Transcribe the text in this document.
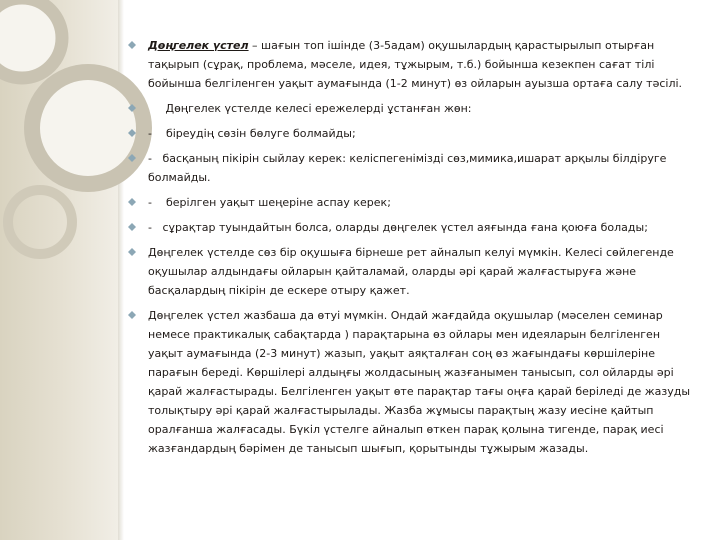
Дөңгелек үстел – шағын топ ішінде (3-5адам) оқушылардың қарастырылып отырған тақырып (сұрақ, проблема, мәселе, идея, тұжырым, т.б.) бойынша кезекпен сағат тілі бойынша белгіленген уақыт аумағында (1-2 минут) өз ойларын ауызша ортаға салу тәсілі.
Дөңгелек үстелде келесі ережелерді ұстанған жөн:
-    біреудің сөзін бөлуге болмайды;
-   басқаның пікірін сыйлау керек: келіспегенімізді сөз,мимика,ишарат арқылы білдіруге болмайды.
-    берілген уақыт шеңеріне аспау керек;
-   сұрақтар туындайтын болса, оларды дөңгелек үстел аяғында ғана қоюға болады;
Дөңгелек үстелде сөз бір оқушыға бірнеше рет айналып келуі мүмкін. Келесі сөйлегенде оқушылар алдындағы ойларын қайталамай, оларды әрі қарай жалғастыруға және басқалардың пікірін де ескере отыру қажет.
Дөңгелек үстел жазбаша да өтуі мүмкін. Ондай жағдайда оқушылар (мәселен семинар немесе практикалық сабақтарда ) парақтарына өз ойлары мен идеяларын белгіленген уақыт аумағында (2-3 минут) жазып, уақыт аяқталған соң өз жағындағы көршілеріне парағын береді. Көршілері алдыңғы жолдасының жазғанымен танысып, сол ойларды әрі қарай жалғастырады. Белгіленген уақыт өте парақтар тағы оңға қарай беріледі де жазуды толықтыру әрі қарай жалғастырылады. Жазба жұмысы парақтың жазу иесіне қайтып оралғанша жалғасады. Бүкіл үстелге айналып өткен парақ қолына тигенде, парақ иесі жазғандардың бәрімен де танысып шығып, қорытынды тұжырым жазады.
